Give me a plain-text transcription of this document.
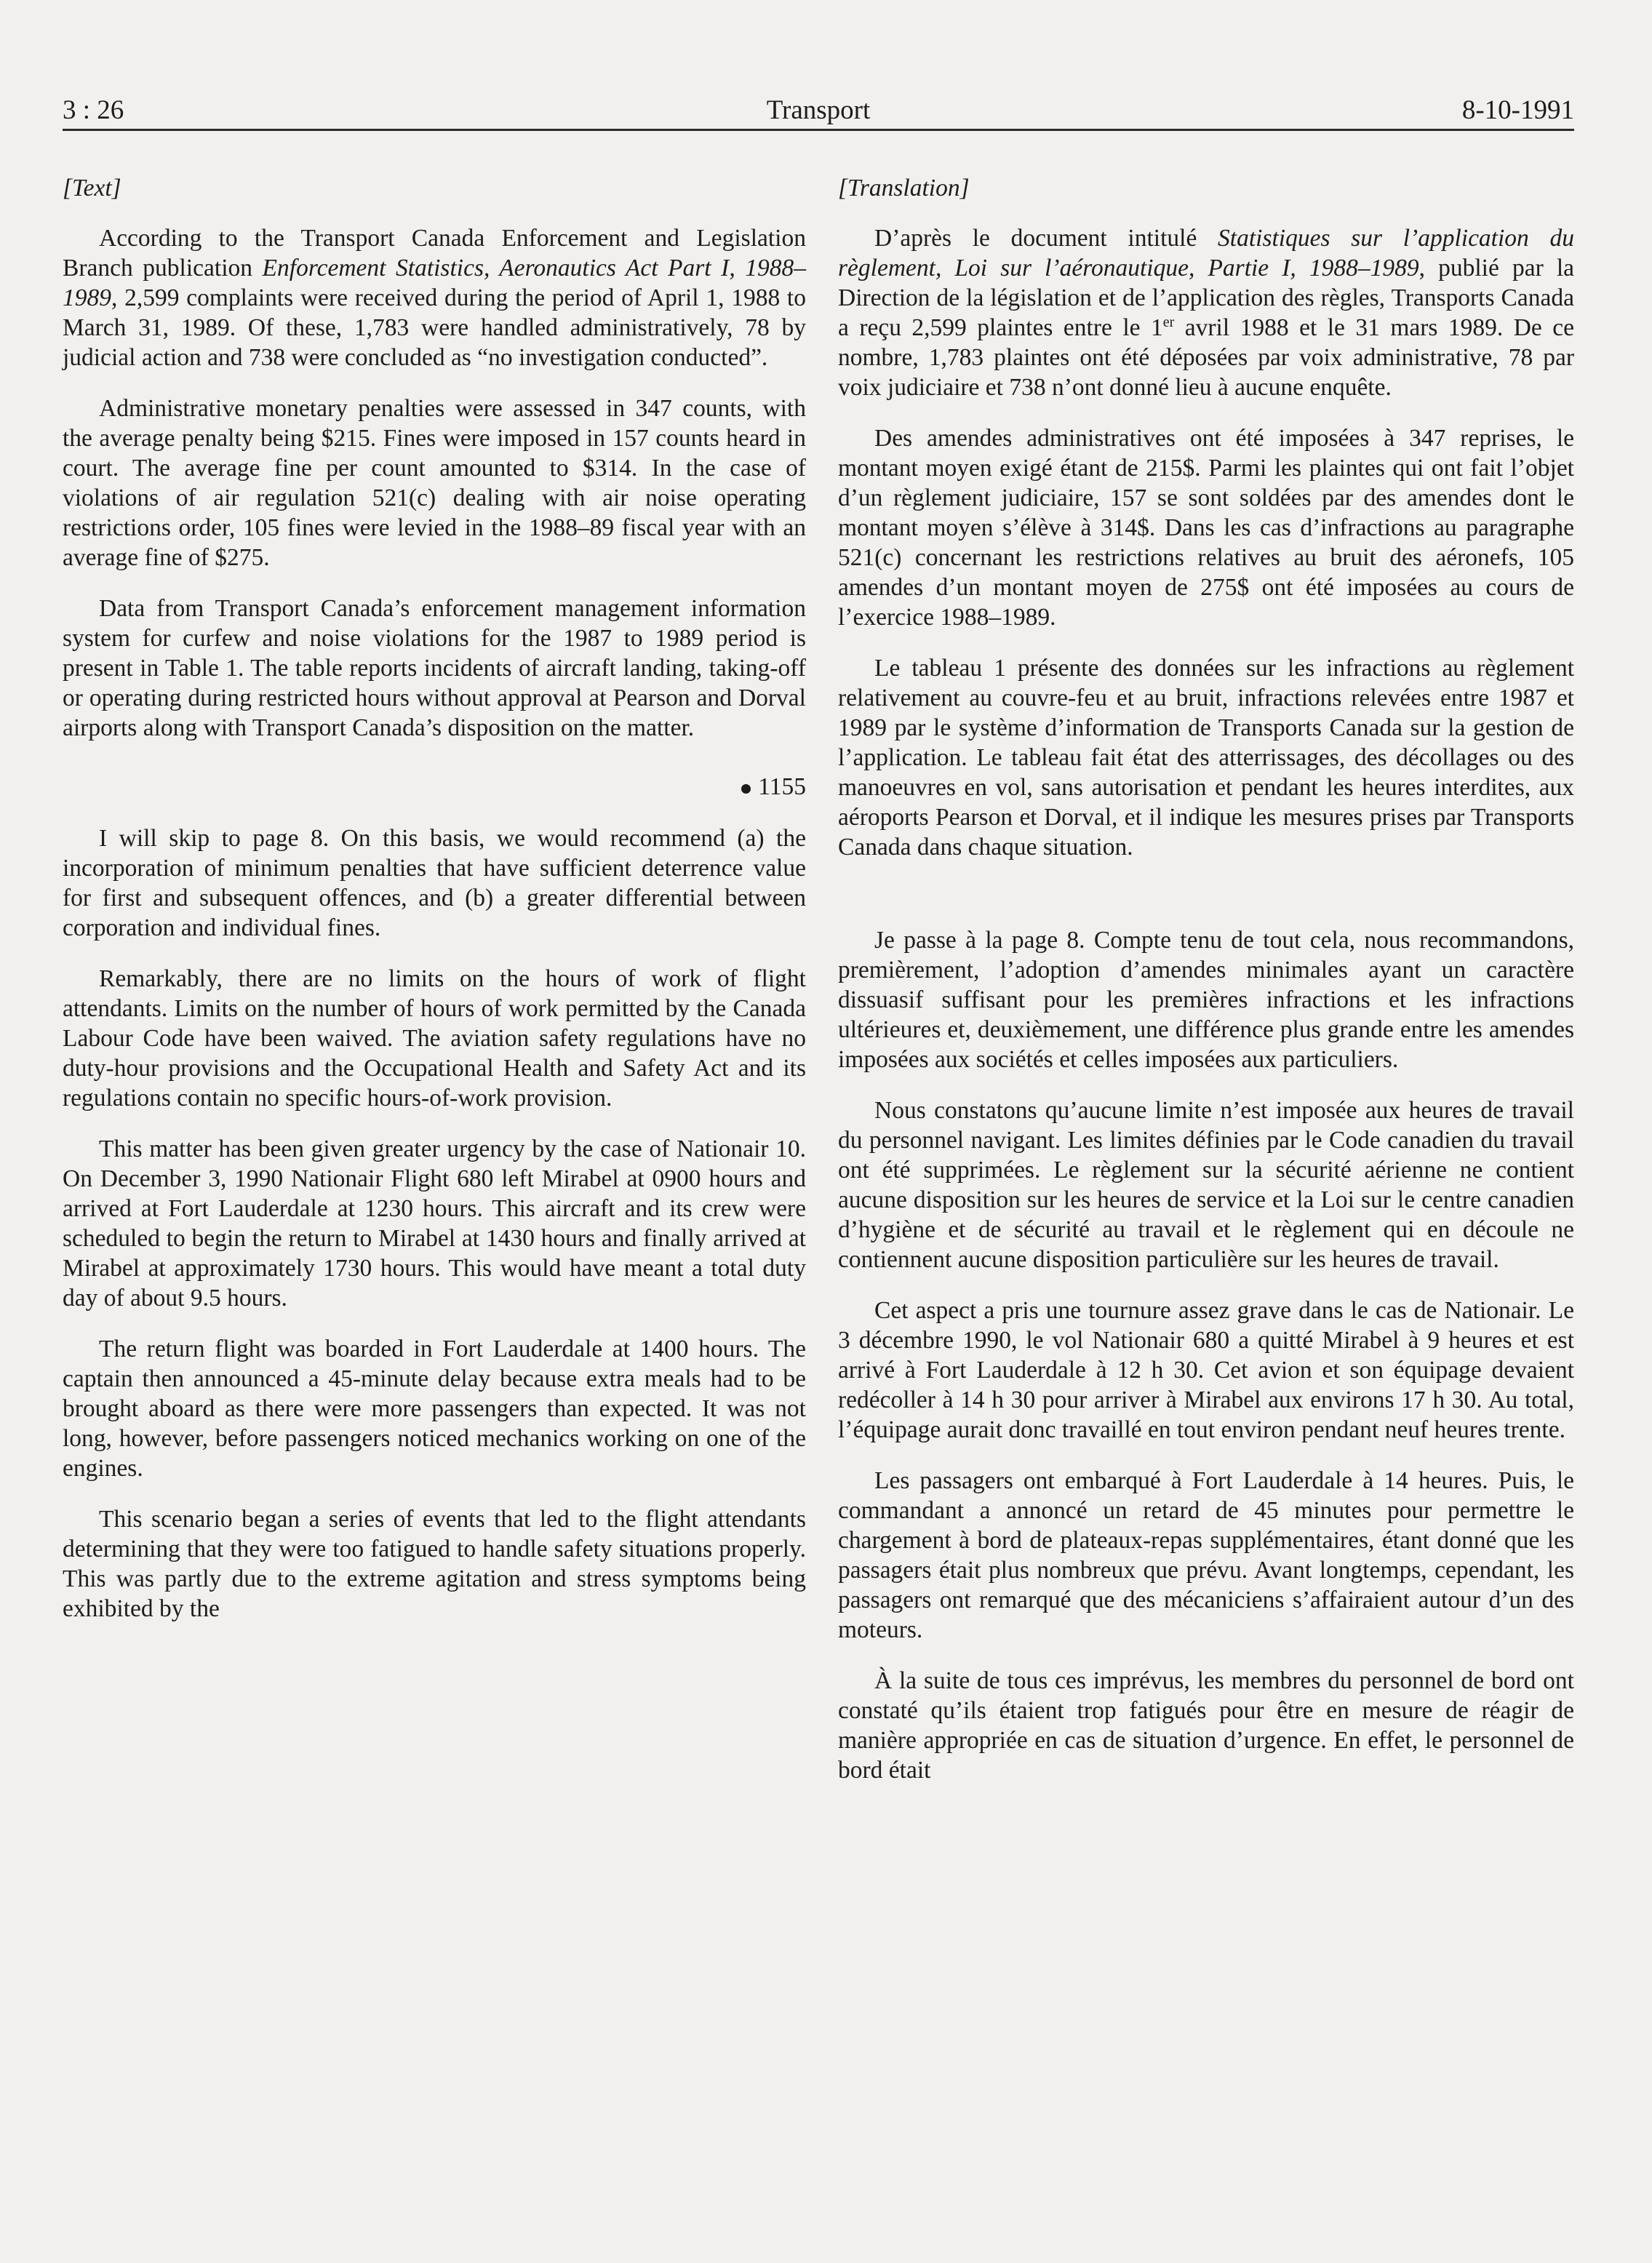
3 : 26	Transport	8-10-1991

[Text]

According to the Transport Canada Enforcement and Legislation Branch publication Enforcement Statistics, Aeronautics Act Part I, 1988–1989, 2,599 complaints were received during the period of April 1, 1988 to March 31, 1989. Of these, 1,783 were handled administratively, 78 by judicial action and 738 were concluded as “no investigation conducted”.

Administrative monetary penalties were assessed in 347 counts, with the average penalty being $215. Fines were imposed in 157 counts heard in court. The average fine per count amounted to $314. In the case of violations of air regulation 521(c) dealing with air noise operating restrictions order, 105 fines were levied in the 1988–89 fiscal year with an average fine of $275.

Data from Transport Canada’s enforcement management information system for curfew and noise violations for the 1987 to 1989 period is present in Table 1. The table reports incidents of aircraft landing, taking-off or operating during restricted hours without approval at Pearson and Dorval airports along with Transport Canada’s disposition on the matter.

1155

I will skip to page 8. On this basis, we would recommend (a) the incorporation of minimum penalties that have sufficient deterrence value for first and subsequent offences, and (b) a greater differential between corporation and individual fines.

Remarkably, there are no limits on the hours of work of flight attendants. Limits on the number of hours of work permitted by the Canada Labour Code have been waived. The aviation safety regulations have no duty-hour provisions and the Occupational Health and Safety Act and its regulations contain no specific hours-of-work provision.

This matter has been given greater urgency by the case of Nationair 10. On December 3, 1990 Nationair Flight 680 left Mirabel at 0900 hours and arrived at Fort Lauderdale at 1230 hours. This aircraft and its crew were scheduled to begin the return to Mirabel at 1430 hours and finally arrived at Mirabel at approximately 1730 hours. This would have meant a total duty day of about 9.5 hours.

The return flight was boarded in Fort Lauderdale at 1400 hours. The captain then announced a 45-minute delay because extra meals had to be brought aboard as there were more passengers than expected. It was not long, however, before passengers noticed mechanics working on one of the engines.

This scenario began a series of events that led to the flight attendants determining that they were too fatigued to handle safety situations properly. This was partly due to the extreme agitation and stress symptoms being exhibited by the

[Translation]

D’après le document intitulé Statistiques sur l’application du règlement, Loi sur l’aéronautique, Partie I, 1988–1989, publié par la Direction de la législation et de l’application des règles, Transports Canada a reçu 2,599 plaintes entre le 1er avril 1988 et le 31 mars 1989. De ce nombre, 1,783 plaintes ont été déposées par voix administrative, 78 par voix judiciaire et 738 n’ont donné lieu à aucune enquête.

Des amendes administratives ont été imposées à 347 reprises, le montant moyen exigé étant de 215$. Parmi les plaintes qui ont fait l’objet d’un règlement judiciaire, 157 se sont soldées par des amendes dont le montant moyen s’élève à 314$. Dans les cas d’infractions au paragraphe 521(c) concernant les restrictions relatives au bruit des aéronefs, 105 amendes d’un montant moyen de 275$ ont été imposées au cours de l’exercice 1988–1989.

Le tableau 1 présente des données sur les infractions au règlement relativement au couvre-feu et au bruit, infractions relevées entre 1987 et 1989 par le système d’information de Transports Canada sur la gestion de l’application. Le tableau fait état des atterrissages, des décollages ou des manoeuvres en vol, sans autorisation et pendant les heures interdites, aux aéroports Pearson et Dorval, et il indique les mesures prises par Transports Canada dans chaque situation.

Je passe à la page 8. Compte tenu de tout cela, nous recommandons, premièrement, l’adoption d’amendes minimales ayant un caractère dissuasif suffisant pour les premières infractions et les infractions ultérieures et, deuxièmement, une différence plus grande entre les amendes imposées aux sociétés et celles imposées aux particuliers.

Nous constatons qu’aucune limite n’est imposée aux heures de travail du personnel navigant. Les limites définies par le Code canadien du travail ont été supprimées. Le règlement sur la sécurité aérienne ne contient aucune disposition sur les heures de service et la Loi sur le centre canadien d’hygiène et de sécurité au travail et le règlement qui en découle ne contiennent aucune disposition particulière sur les heures de travail.

Cet aspect a pris une tournure assez grave dans le cas de Nationair. Le 3 décembre 1990, le vol Nationair 680 a quitté Mirabel à 9 heures et est arrivé à Fort Lauderdale à 12 h 30. Cet avion et son équipage devaient redécoller à 14 h 30 pour arriver à Mirabel aux environs 17 h 30. Au total, l’équipage aurait donc travaillé en tout environ pendant neuf heures trente.

Les passagers ont embarqué à Fort Lauderdale à 14 heures. Puis, le commandant a annoncé un retard de 45 minutes pour permettre le chargement à bord de plateaux-repas supplémentaires, étant donné que les passagers était plus nombreux que prévu. Avant longtemps, cependant, les passagers ont remarqué que des mécaniciens s’affairaient autour d’un des moteurs.

À la suite de tous ces imprévus, les membres du personnel de bord ont constaté qu’ils étaient trop fatigués pour être en mesure de réagir de manière appropriée en cas de situation d’urgence. En effet, le personnel de bord était
